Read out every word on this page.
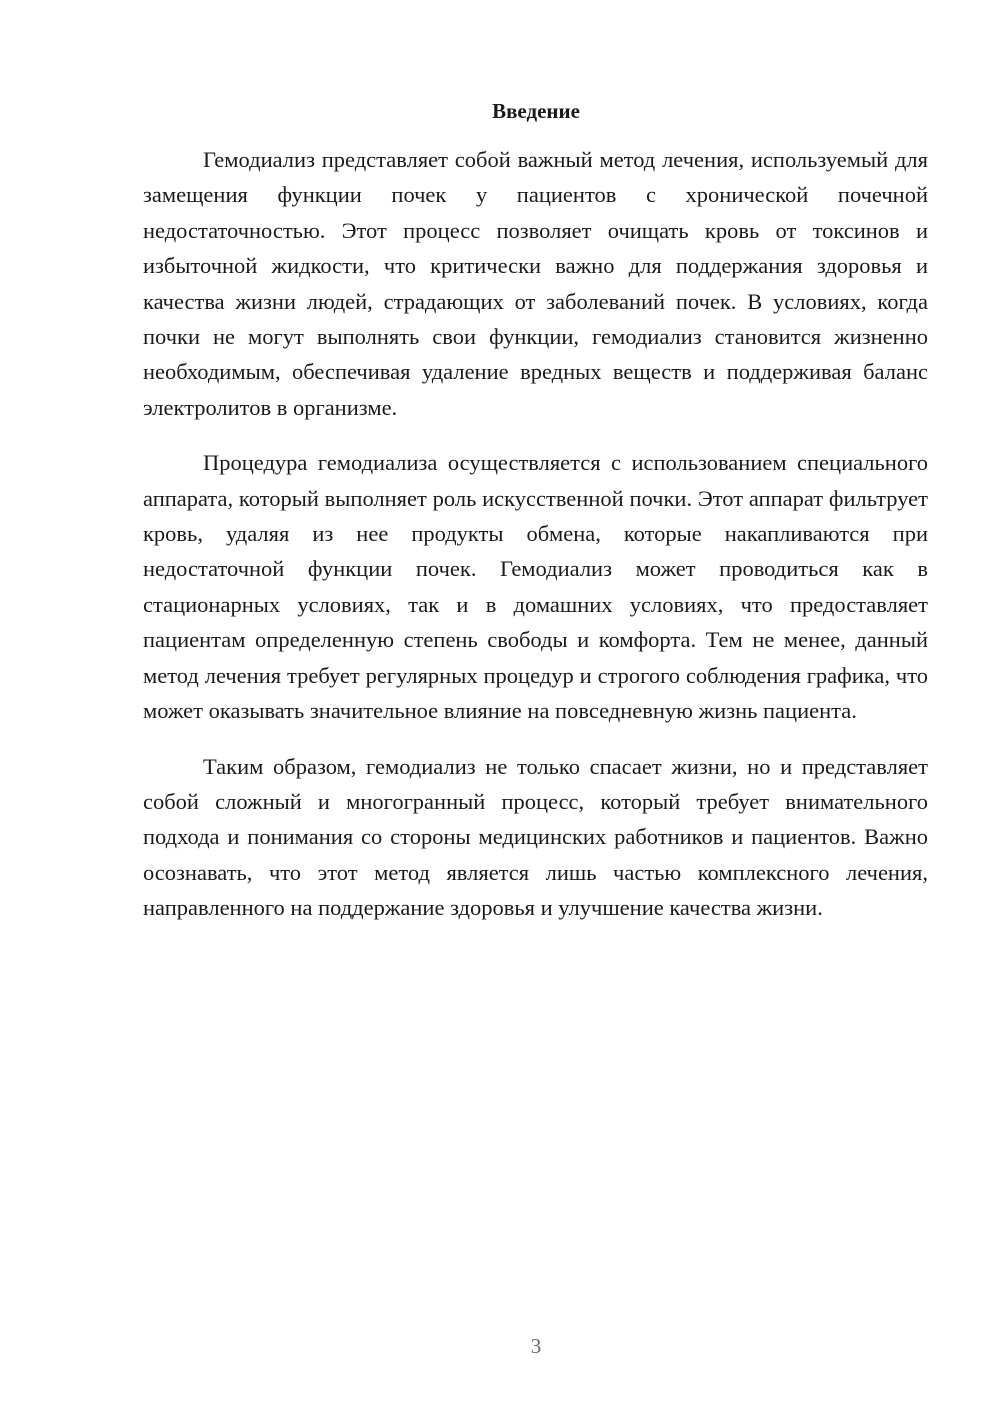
Введение

Гемодиализ представляет собой важный метод лечения, используемый для замещения функции почек у пациентов с хронической почечной недостаточностью. Этот процесс позволяет очищать кровь от токсинов и избыточной жидкости, что критически важно для поддержания здоровья и качества жизни людей, страдающих от заболеваний почек. В условиях, когда почки не могут выполнять свои функции, гемодиализ становится жизненно необходимым, обеспечивая удаление вредных веществ и поддерживая баланс электролитов в организме.

Процедура гемодиализа осуществляется с использованием специального аппарата, который выполняет роль искусственной почки. Этот аппарат фильтрует кровь, удаляя из нее продукты обмена, которые накапливаются при недостаточной функции почек. Гемодиализ может проводиться как в стационарных условиях, так и в домашних условиях, что предоставляет пациентам определенную степень свободы и комфорта. Тем не менее, данный метод лечения требует регулярных процедур и строгого соблюдения графика, что может оказывать значительное влияние на повседневную жизнь пациента.

Таким образом, гемодиализ не только спасает жизни, но и представляет собой сложный и многогранный процесс, который требует внимательного подхода и понимания со стороны медицинских работников и пациентов. Важно осознавать, что этот метод является лишь частью комплексного лечения, направленного на поддержание здоровья и улучшение качества жизни.

3
